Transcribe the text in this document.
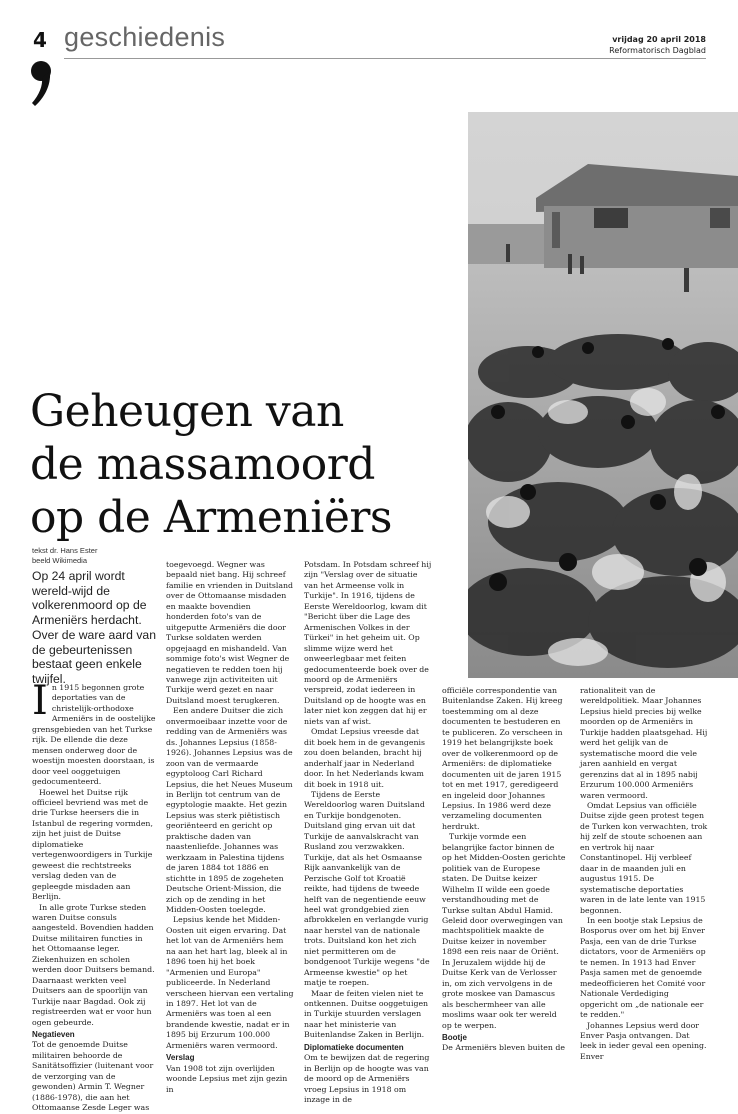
4 geschiedenis	vrijdag 20 april 2018
Reformatorisch Dagblad
Geheugen van
de massamoord
op de Armeniërs
tekst dr. Hans Ester
beeld Wikimedia
Op 24 april wordt wereld-wijd de volkerenmoord op de Armeniërs herdacht. Over de ware aard van de gebeurtenissen bestaat geen enkele twijfel.

In 1915 begonnen grote deportaties van de christelijk-orthodoxe Armeniërs in de oostelijke grensgebieden van het Turkse rijk. De ellende die deze mensen onderweg door de woestijn moesten doorstaan, is door veel ooggetuigen gedocumenteerd.

Hoewel het Duitse rijk officieel bevriend was met de drie Turkse heersers die in Istanbul de regering vormden, zijn het juist de Duitse diplomatieke vertegenwoordigers in Turkije geweest die rechtstreeks verslag deden van de gepleegde misdaden aan Berlijn.

In alle grote Turkse steden waren Duitse consuls aangesteld. Bovendien hadden Duitse militairen functies in het Ottomaanse leger. Ziekenhuizen en scholen werden door Duitsers bemand. Daarnaast werkten veel Duitsers aan de spoorlijn van Turkije naar Bagdad. Ook zij registreerden wat er voor hun ogen gebeurde.

Negatieven

Tot de genoemde Duitse militairen behoorde de Sanitätsoffizier (luitenant voor de verzorging van de gewonden) Armin T. Wegner (1886-1978), die aan het Ottomaanse Zesde Leger was

toegevoegd. Wegner was bepaald niet bang. Hij schreef familie en vrienden in Duitsland over de Ottomaanse misdaden en maakte bovendien honderden foto's van de uitgeputte Armeniërs die door Turkse soldaten werden opgejaagd en mishandeld. Van sommige foto's wist Wegner de negatieven te redden toen hij vanwege zijn activiteiten uit Turkije werd gezet en naar Duitsland moest terugkeren.

Een andere Duitser die zich onvermoeibaar inzette voor de redding van de Armeniërs was ds. Johannes Lepsius (1858-1926). Johannes Lepsius was de zoon van de vermaarde egyptoloog Carl Richard Lepsius, die het Neues Museum in Berlijn tot centrum van de egyptologie maakte. Het gezin Lepsius was sterk piëtistisch georiënteerd en gericht op praktische daden van naastenliefde. Johannes was werkzaam in Palestina tijdens de jaren 1884 tot 1886 en stichtte in 1895 de zogeheten Deutsche Orient-Mission, die zich op de zending in het Midden-Oosten toelegde.

Lepsius kende het Midden-Oosten uit eigen ervaring. Dat het lot van de Armeniërs hem na aan het hart lag, bleek al in 1896 toen hij het boek "Armenien und Europa" publiceerde. In Nederland verscheen hiervan een vertaling in 1897. Het lot van de Armeniërs was toen al een brandende kwestie, nadat er in 1895 bij Erzurum 100.000 Armeniërs waren vermoord.

Verslag

Van 1908 tot zijn overlijden woonde Lepsius met zijn gezin in

Potsdam. In Potsdam schreef hij zijn "Verslag over de situatie van het Armeense volk in Turkije". In 1916, tijdens de Eerste Wereldoorlog, kwam dit "Bericht über die Lage des Armenischen Volkes in der Türkei" in het geheim uit. Op slimme wijze werd het onweerlegbaar met feiten gedocumenteerde boek over de moord op de Armeniërs verspreid, zodat iedereen in Duitsland op de hoogte was en later niet kon zeggen dat hij er niets van af wist.

Omdat Lepsius vreesde dat dit boek hem in de gevangenis zou doen belanden, bracht hij anderhalf jaar in Nederland door. In het Nederlands kwam dit boek in 1918 uit.

Tijdens de Eerste Wereldoorlog waren Duitsland en Turkije bondgenoten. Duitsland ging ervan uit dat Turkije de aanvalskracht van Rusland zou verzwakken. Turkije, dat als het Osmaanse Rijk aanvankelijk van de Perzische Golf tot Kroatië reikte, had tijdens de tweede helft van de negentiende eeuw heel wat grondgebied zien afbrokkelen en verlangde vurig naar herstel van de nationale trots. Duitsland kon het zich niet permitteren om de bondgenoot Turkije wegens "de Armeense kwestie" op het matje te roepen.

Maar de feiten vielen niet te ontkennen. Duitse ooggetuigen in Turkije stuurden verslagen naar het ministerie van Buitenlandse Zaken in Berlijn.

Diplomatieke documenten

Om te bewijzen dat de regering in Berlijn op de hoogte was van de moord op de Armeniërs vroeg Lepsius in 1918 om inzage in de

officiële correspondentie van Buitenlandse Zaken. Hij kreeg toestemming om al deze documenten te bestuderen en te publiceren. Zo verscheen in 1919 het belangrijkste boek over de volkerenmoord op de Armeniërs: de diplomatieke documenten uit de jaren 1915 tot en met 1917, geredigeerd en ingeleid door Johannes Lepsius. In 1986 werd deze verzameling documenten herdrukt.

Turkije vormde een belangrijke factor binnen de op het Midden-Oosten gerichte politiek van de Europese staten. De Duitse keizer Wilhelm II wilde een goede verstandhouding met de Turkse sultan Abdul Hamid. Geleid door overwegingen van machtspolitiek maakte de Duitse keizer in november 1898 een reis naar de Oriënt. In Jeruzalem wijdde hij de Duitse Kerk van de Verlosser in, om zich vervolgens in de grote moskee van Damascus als beschermheer van alle moslims waar ook ter wereld op te werpen.

Bootje

De Armeniërs bleven buiten de

rationaliteit van de wereldpolitiek. Maar Johannes Lepsius hield precies bij welke moorden op de Armeniërs in Turkije hadden plaatsgehad. Hij werd het gelijk van de systematische moord die vele jaren aanhield en vergat gerenzins dat al in 1895 nabij Erzurum 100.000 Armeniërs waren vermoord.

Omdat Lepsius van officiële Duitse zijde geen protest tegen de Turken kon verwachten, trok hij zelf de stoute schoenen aan en vertrok hij naar Constantinopel. Hij verbleef daar in de maanden juli en augustus 1915. De systematische deportaties waren in de late lente van 1915 begonnen.

In een bootje stak Lepsius de Bosporus over om het bij Enver Pasja, een van de drie Turkse dictators, voor de Armeniërs op te nemen. In 1913 had Enver Pasja samen met de genoemde medeofficieren het Comité voor Nationale Verdediging opgericht om „de nationale eer te redden."

Johannes Lepsius werd door Enver Pasja ontvangen. Dat leek in ieder geval een opening. Enver
